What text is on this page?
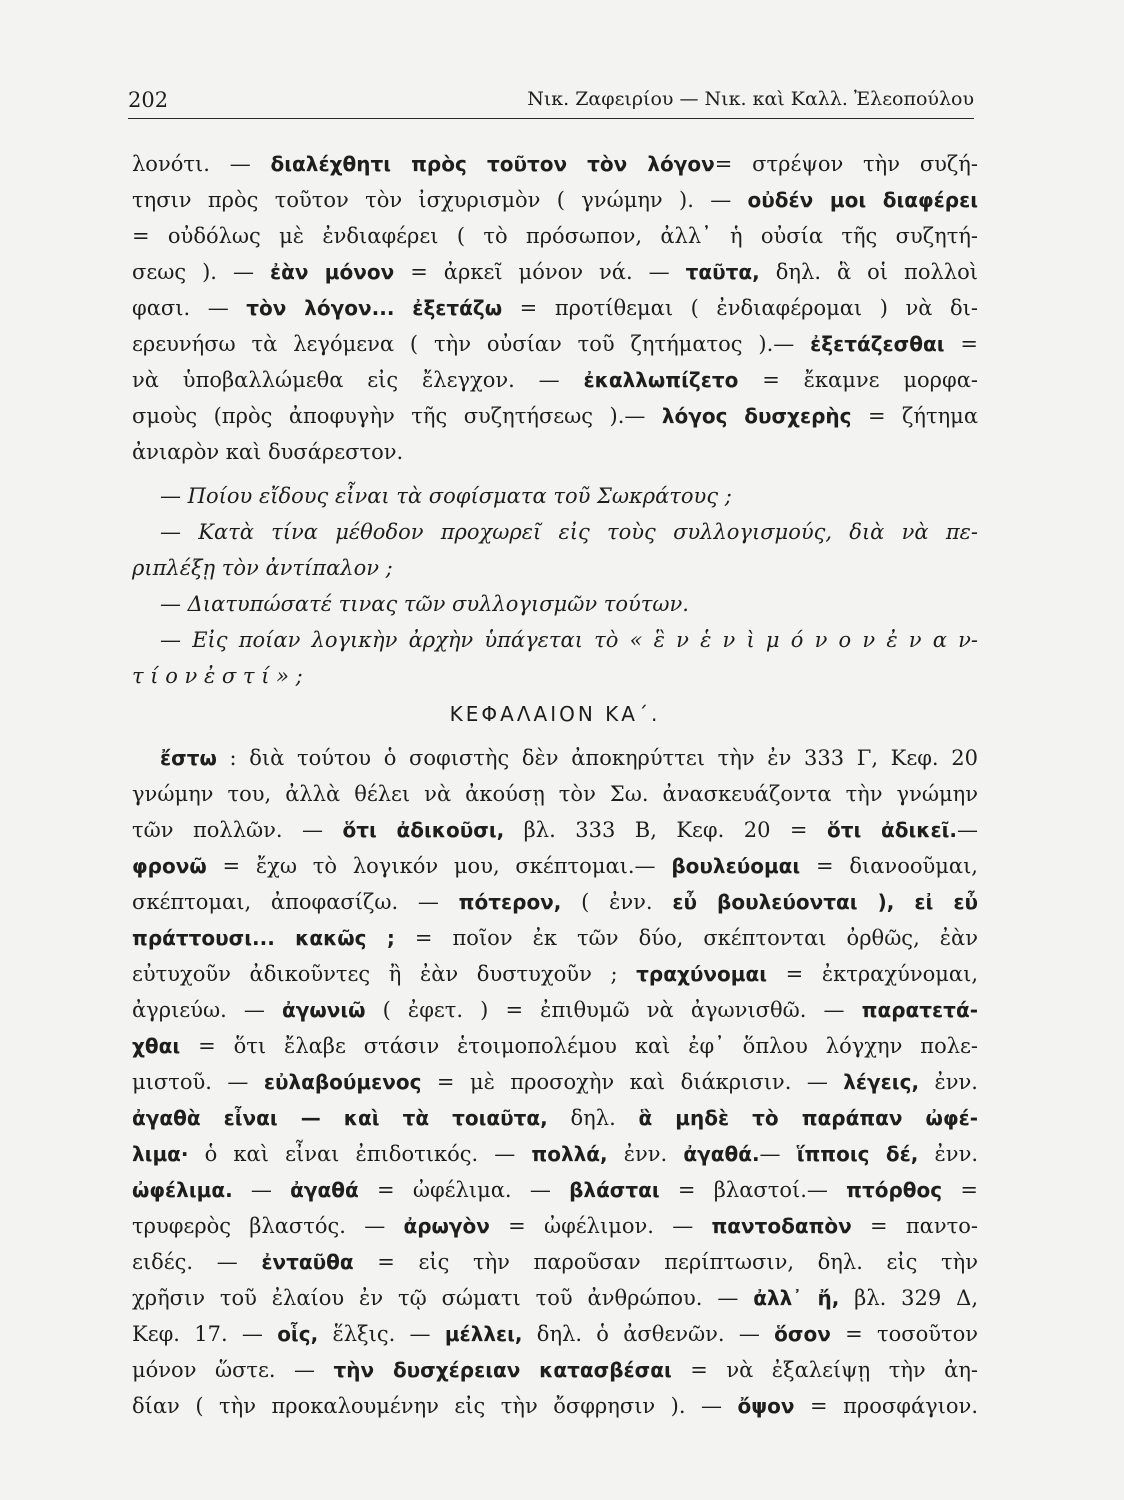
202	Νικ. Ζαφειρίου — Νικ. καὶ Καλλ. Ἐλεοπούλου
λονότι. — διαλέχθητι πρὸς τοῦτον τὸν λόγον= στρέψον τὴν συζή-
τησιν πρὸς τοῦτον τὸν ἰσχυρισμὸν ( γνώμην ). — οὐδέν μοι διαφέρει
= οὐδόλως μὲ ἐνδιαφέρει ( τὸ πρόσωπον, ἀλλ᾽ ἡ οὐσία τῆς συζητή-
σεως ). — ἐὰν μόνον = ἀρκεῖ μόνον νά. — ταῦτα, δηλ. ἃ οἱ πολλοὶ
φασι. — τὸν λόγον... ἐξετάζω = προτίθεμαι ( ἐνδιαφέρομαι ) νὰ δι-
ερευνήσω τὰ λεγόμενα ( τὴν οὐσίαν τοῦ ζητήματος ).— ἐξετάζεσθαι =
νὰ ὑποβαλλώμεθα εἰς ἔλεγχον. — ἐκαλλωπίζετο = ἔκαμνε μορφα-
σμοὺς (πρὸς ἀποφυγὴν τῆς συζητήσεως ).— λόγος δυσχερὴς = ζήτημα
ἀνιαρὸν καὶ δυσάρεστον.
— Ποίου εἴδους εἶναι τὰ σοφίσματα τοῦ Σωκράτους ;
— Κατὰ τίνα μέθοδον προχωρεῖ εἰς τοὺς συλλογισμούς, διὰ νὰ πε-
ριπλέξῃ τὸν ἀντίπαλον ;
— Διατυπώσατέ τινας τῶν συλλογισμῶν τούτων.
— Εἰς ποίαν λογικὴν ἀρχὴν ὑπάγεται τὸ « ἓ ν ἑ ν ὶ μ ό ν ο ν ἐ ν α ν-
τ ί ο ν ἐ σ τ ί » ;
ΚΕΦΑΛΑΙΟΝ ΚΑ΄.
ἔστω : διὰ τούτου ὁ σοφιστὴς δὲν ἀποκηρύττει τὴν ἐν 333 Γ, Κεφ. 20
γνώμην του, ἀλλὰ θέλει νὰ ἀκούσῃ τὸν Σω. ἀνασκευάζοντα τὴν γνώμην
τῶν πολλῶν. — ὅτι ἀδικοῦσι, βλ. 333 Β, Κεφ. 20 = ὅτι ἀδικεῖ.—
φρονῶ = ἔχω τὸ λογικόν μου, σκέπτομαι.— βουλεύομαι = διανοοῦμαι,
σκέπτομαι, ἀποφασίζω. — πότερον, ( ἐνν. εὖ βουλεύονται ), εἰ εὖ
πράττουσι... κακῶς ; = ποῖον ἐκ τῶν δύο, σκέπτονται ὀρθῶς, ἐὰν
εὐτυχοῦν ἀδικοῦντες ἢ ἐὰν δυστυχοῦν ; τραχύνομαι = ἐκτραχύνομαι,
ἀγριεύω. — ἀγωνιῶ ( ἐφετ. ) = ἐπιθυμῶ νὰ ἀγωνισθῶ. — παρατετά-
χθαι = ὅτι ἔλαβε στάσιν ἑτοιμοπολέμου καὶ ἐφ᾽ ὅπλου λόγχην πολε-
μιστοῦ. — εὐλαβούμενος = μὲ προσοχὴν καὶ διάκρισιν. — λέγεις, ἐνν.
ἀγαθὰ εἶναι — καὶ τὰ τοιαῦτα, δηλ. ἃ μηδὲ τὸ παράπαν ὠφέ-
λιμα· ὁ καὶ εἶναι ἐπιδοτικός. — πολλά, ἐνν. ἀγαθά.— ἵπποις δέ, ἐνν.
ὠφέλιμα. — ἀγαθά = ὠφέλιμα. — βλάσται = βλαστοί.— πτόρθος =
τρυφερὸς βλαστός. — ἀρωγὸν = ὠφέλιμον. — παντοδαπὸν = παντο-
ειδές. — ἐνταῦθα = εἰς τὴν παροῦσαν περίπτωσιν, δηλ. εἰς τὴν
χρῆσιν τοῦ ἐλαίου ἐν τῷ σώματι τοῦ ἀνθρώπου. — ἀλλ᾽ ἤ, βλ. 329 Δ,
Κεφ. 17. — οἷς, ἕλξις. — μέλλει, δηλ. ὁ ἀσθενῶν. — ὅσον = τοσοῦτον
μόνον ὥστε. — τὴν δυσχέρειαν κατασβέσαι = νὰ ἐξαλείψῃ τὴν ἀη-
δίαν ( τὴν προκαλουμένην εἰς τὴν ὄσφρησιν ). — ὄψον = προσφάγιον.
